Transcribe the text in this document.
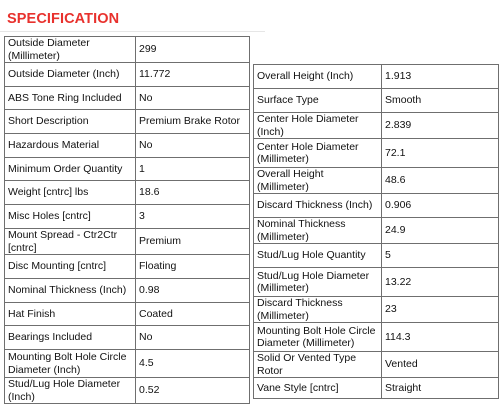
SPECIFICATION
Outside Diameter (Millimeter)	299
Outside Diameter (Inch)	11.772
ABS Tone Ring Included	No
Short Description	Premium Brake Rotor
Hazardous Material	No
Minimum Order Quantity	1
Weight [cntrc] lbs	18.6
Misc Holes [cntrc]	3
Mount Spread - Ctr2Ctr [cntrc]	Premium
Disc Mounting [cntrc]	Floating
Nominal Thickness (Inch)	0.98
Hat Finish	Coated
Bearings Included	No
Mounting Bolt Hole Circle Diameter (Inch)	4.5
Stud/Lug Hole Diameter (Inch)	0.52
Overall Height (Inch)	1.913
Surface Type	Smooth
Center Hole Diameter (Inch)	2.839
Center Hole Diameter (Millimeter)	72.1
Overall Height (Millimeter)	48.6
Discard Thickness (Inch)	0.906
Nominal Thickness (Millimeter)	24.9
Stud/Lug Hole Quantity	5
Stud/Lug Hole Diameter (Millimeter)	13.22
Discard Thickness (Millimeter)	23
Mounting Bolt Hole Circle Diameter (Millimeter)	114.3
Solid Or Vented Type Rotor	Vented
Vane Style [cntrc]	Straight
